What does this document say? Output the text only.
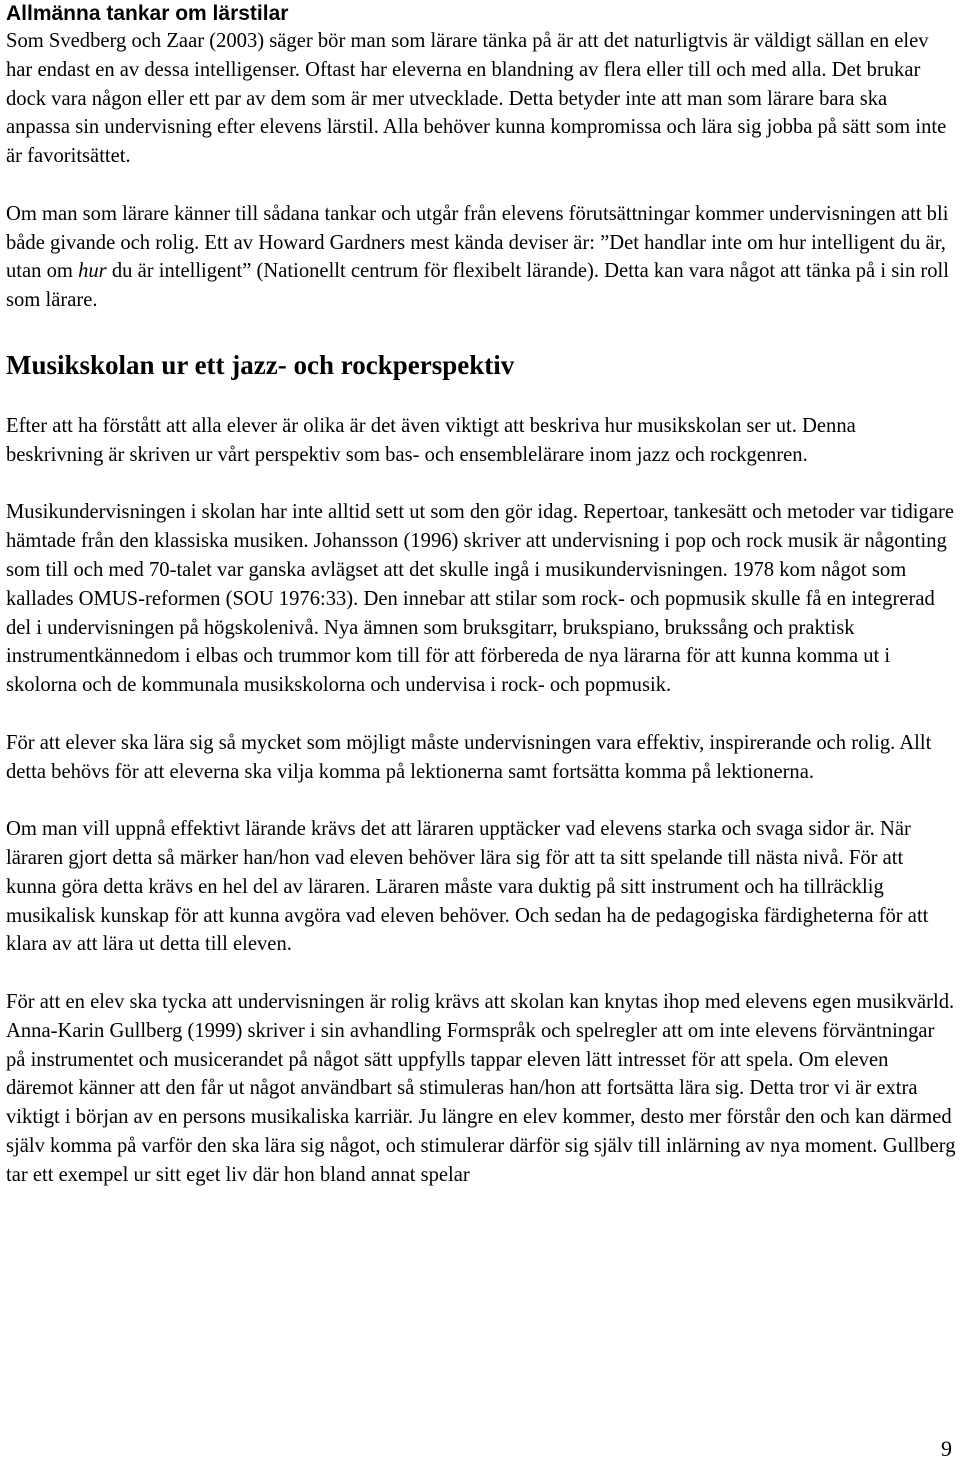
Allmänna tankar om lärstilar

Som Svedberg och Zaar (2003) säger bör man som lärare tänka på är att det naturligtvis är väldigt sällan en elev har endast en av dessa intelligenser. Oftast har eleverna en blandning av flera eller till och med alla. Det brukar dock vara någon eller ett par av dem som är mer utvecklade. Detta betyder inte att man som lärare bara ska anpassa sin undervisning efter elevens lärstil. Alla behöver kunna kompromissa och lära sig jobba på sätt som inte är favoritsättet.

Om man som lärare känner till sådana tankar och utgår från elevens förutsättningar kommer undervisningen att bli både givande och rolig. Ett av Howard Gardners mest kända deviser är: ”Det handlar inte om hur intelligent du är, utan om hur du är intelligent” (Nationellt centrum för flexibelt lärande). Detta kan vara något att tänka på i sin roll som lärare.

Musikskolan ur ett jazz- och rockperspektiv

Efter att ha förstått att alla elever är olika är det även viktigt att beskriva hur musikskolan ser ut. Denna beskrivning är skriven ur vårt perspektiv som bas- och ensemblelärare inom jazz och rockgenren.

Musikundervisningen i skolan har inte alltid sett ut som den gör idag. Repertoar, tankesätt och metoder var tidigare hämtade från den klassiska musiken. Johansson (1996) skriver att undervisning i pop och rock musik är någonting som till och med 70-talet var ganska avlägset att det skulle ingå i musikundervisningen. 1978 kom något som kallades OMUS-reformen (SOU 1976:33). Den innebar att stilar som rock- och popmusik skulle få en integrerad del i undervisningen på högskolenivå. Nya ämnen som bruksgitarr, brukspiano, brukssång och praktisk instrumentkännedom i elbas och trummor kom till för att förbereda de nya lärarna för att kunna komma ut i skolorna och de kommunala musikskolorna och undervisa i rock- och popmusik.

För att elever ska lära sig så mycket som möjligt måste undervisningen vara effektiv, inspirerande och rolig. Allt detta behövs för att eleverna ska vilja komma på lektionerna samt fortsätta komma på lektionerna.

Om man vill uppnå effektivt lärande krävs det att läraren upptäcker vad elevens starka och svaga sidor är. När läraren gjort detta så märker han/hon vad eleven behöver lära sig för att ta sitt spelande till nästa nivå. För att kunna göra detta krävs en hel del av läraren. Läraren måste vara duktig på sitt instrument och ha tillräcklig musikalisk kunskap för att kunna avgöra vad eleven behöver. Och sedan ha de pedagogiska färdigheterna för att klara av att lära ut detta till eleven.

För att en elev ska tycka att undervisningen är rolig krävs att skolan kan knytas ihop med elevens egen musikvärld. Anna-Karin Gullberg (1999) skriver i sin avhandling Formspråk och spelregler att om inte elevens förväntningar på instrumentet och musicerandet på något sätt uppfylls tappar eleven lätt intresset för att spela. Om eleven däremot känner att den får ut något användbart så stimuleras han/hon att fortsätta lära sig. Detta tror vi är extra viktigt i början av en persons musikaliska karriär. Ju längre en elev kommer, desto mer förstår den och kan därmed själv komma på varför den ska lära sig något, och stimulerar därför sig själv till inlärning av nya moment. Gullberg tar ett exempel ur sitt eget liv där hon bland annat spelar

9
